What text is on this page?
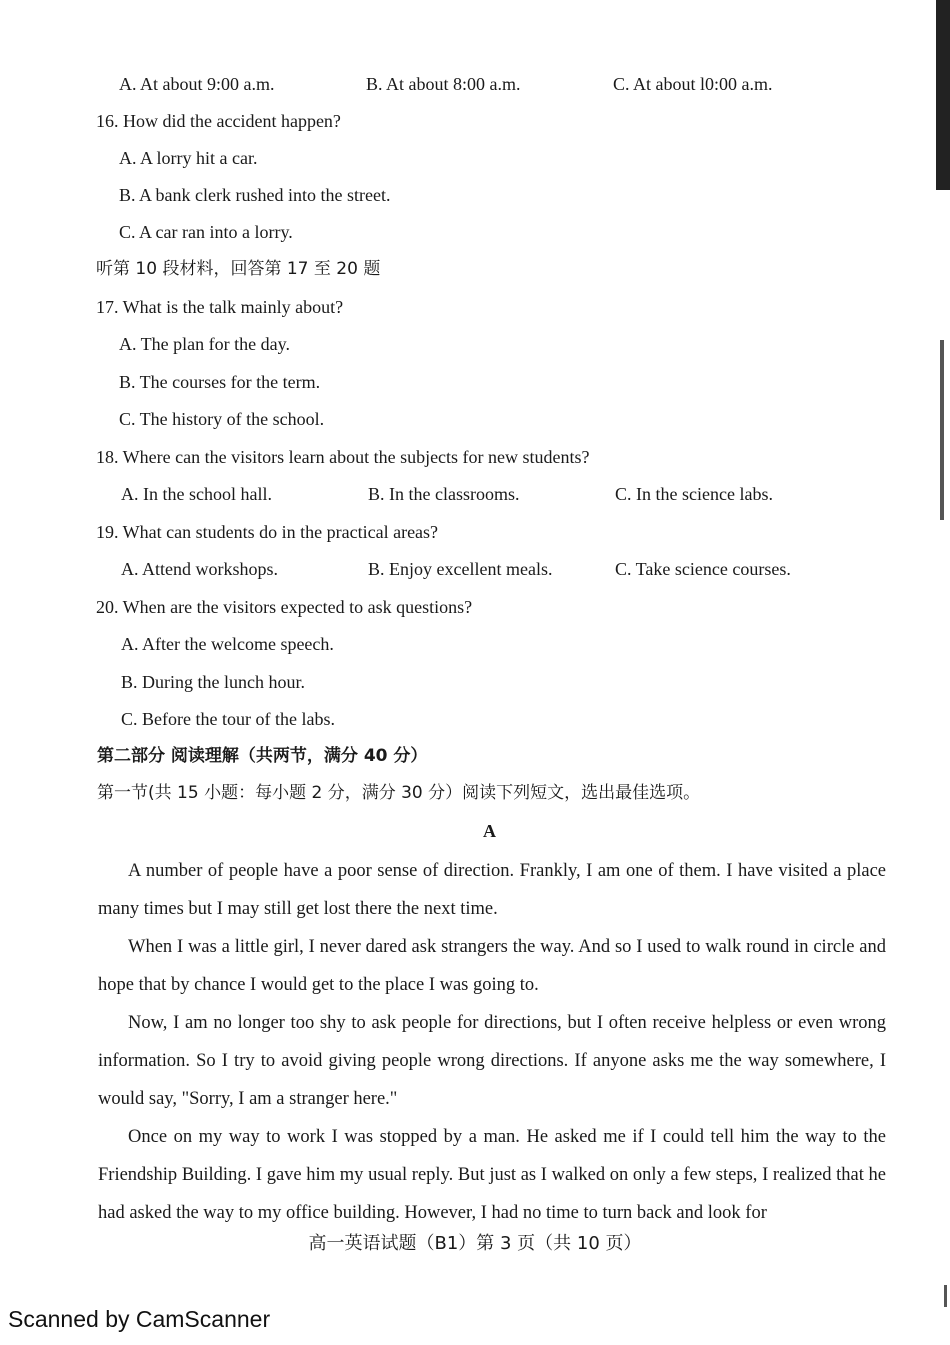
A. At about 9:00 a.m.	B. At about 8:00 a.m.	C. At about l0:00 a.m.
16. How did the accident happen?
A. A lorry hit a car.
B. A bank clerk rushed into the street.
C. A car ran into a lorry.
听第 10 段材料，回答第 17 至 20 题
17. What is the talk mainly about?
A. The plan for the day.
B. The courses for the term.
C. The history of the school.
18. Where can the visitors learn about the subjects for new students?
A. In the school hall.	B. In the classrooms.	C. In the science labs.
19. What can students do in the practical areas?
A. Attend workshops.	B. Enjoy excellent meals.	C. Take science courses.
20. When are the visitors expected to ask questions?
A. After the welcome speech.
B. During the lunch hour.
C. Before the tour of the labs.
第二部分 阅读理解（共两节，满分 40 分）
第一节(共 15 小题：每小题 2 分，满分 30 分）阅读下列短文，选出最佳选项。
A

A number of people have a poor sense of direction. Frankly, I am one of them. I have visited a place many times but I may still get lost there the next time.

When I was a little girl, I never dared ask strangers the way. And so I used to walk round in circle and hope that by chance I would get to the place I was going to.

Now, I am no longer too shy to ask people for directions, but I often receive helpless or even wrong information. So I try to avoid giving people wrong directions. If anyone asks me the way somewhere, I would say, "Sorry, I am a stranger here."

Once on my way to work I was stopped by a man. He asked me if I could tell him the way to the Friendship Building. I gave him my usual reply. But just as I walked on only a few steps, I realized that he had asked the way to my office building. However, I had no time to turn back and look for

高一英语试题（B1）第 3 页（共 10 页）
Scanned by CamScanner
